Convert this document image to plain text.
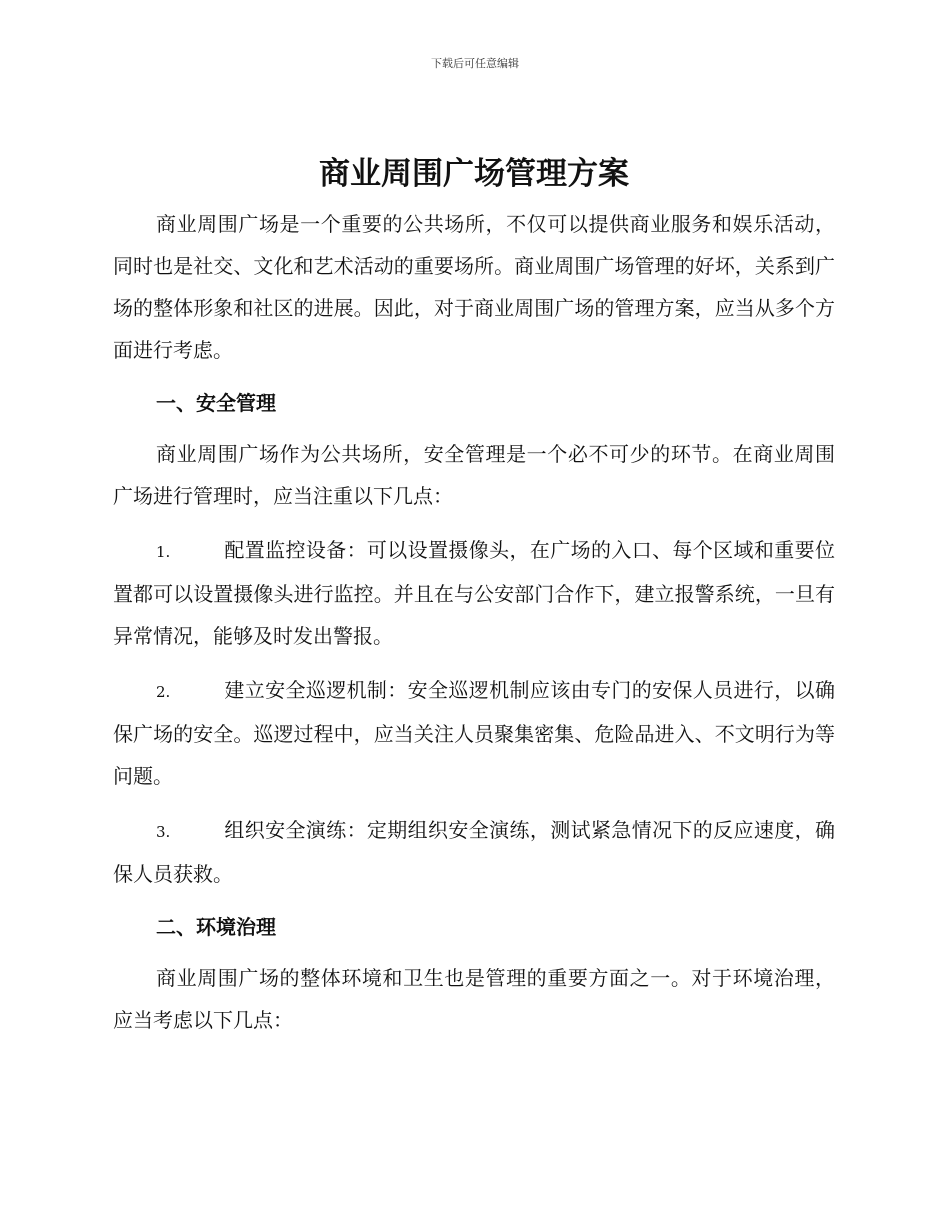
下载后可任意编辑
商业周围广场管理方案

商业周围广场是一个重要的公共场所，不仅可以提供商业服务和娱乐活动，同时也是社交、文化和艺术活动的重要场所。商业周围广场管理的好坏，关系到广场的整体形象和社区的进展。因此，对于商业周围广场的管理方案，应当从多个方面进行考虑。

一、安全管理

商业周围广场作为公共场所，安全管理是一个必不可少的环节。在商业周围广场进行管理时，应当注重以下几点：

1.	配置监控设备：可以设置摄像头，在广场的入口、每个区域和重要位置都可以设置摄像头进行监控。并且在与公安部门合作下，建立报警系统，一旦有异常情况，能够及时发出警报。
2.	建立安全巡逻机制：安全巡逻机制应该由专门的安保人员进行，以确保广场的安全。巡逻过程中，应当关注人员聚集密集、危险品进入、不文明行为等问题。
3.	组织安全演练：定期组织安全演练，测试紧急情况下的反应速度，确保人员获救。
二、环境治理

商业周围广场的整体环境和卫生也是管理的重要方面之一。对于环境治理，应当考虑以下几点：
